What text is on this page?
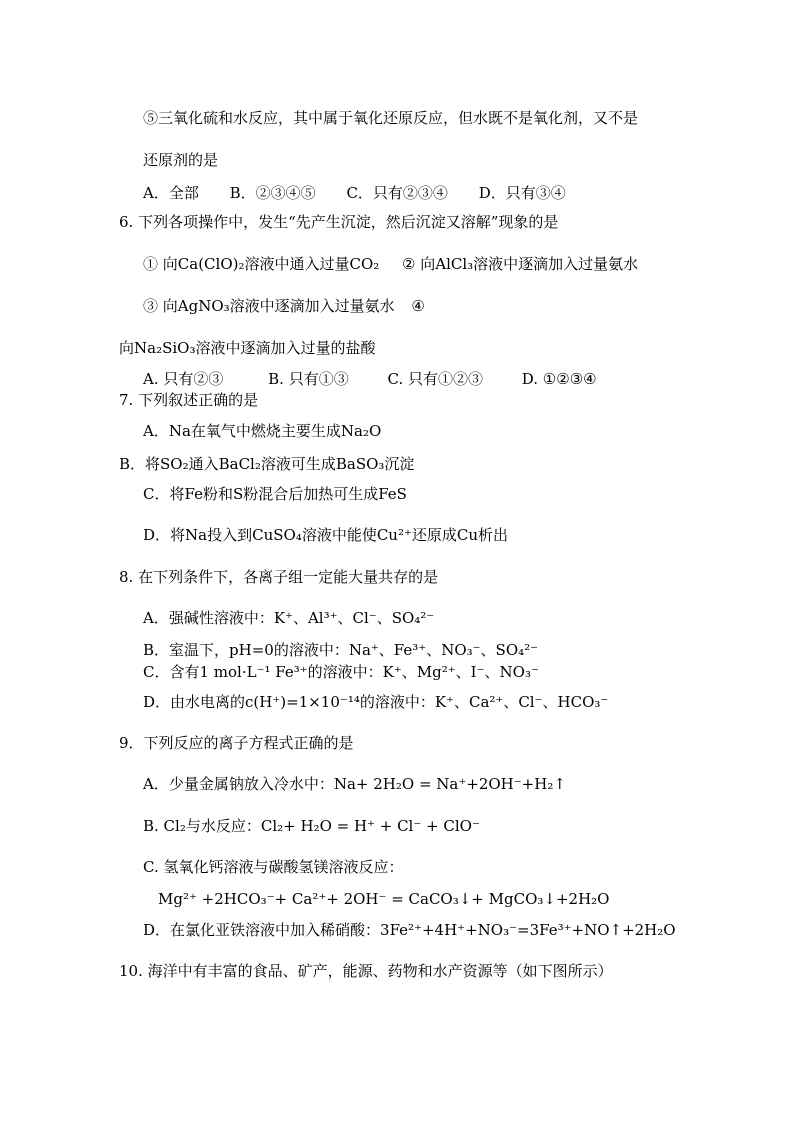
⑤三氧化硫和水反应，其中属于氧化还原反应，但水既不是氧化剂，又不是
还原剂的是
A．全部 B．②③④⑤ C．只有②③④ D．只有③④
6. 下列各项操作中，发生“先产生沉淀，然后沉淀又溶解”现象的是
① 向Ca(ClO)₂溶液中通入过量CO₂ ② 向AlCl₃溶液中逐滴加入过量氨水
③ 向AgNO₃溶液中逐滴加入过量氨水 ④
向Na₂SiO₃溶液中逐滴加入过量的盐酸
A. 只有②③	B. 只有①③	C. 只有①②③	D. ①②③④
7. 下列叙述正确的是
A．Na在氧气中燃烧主要生成Na₂O
B．将SO₂通入BaCl₂溶液可生成BaSO₃沉淀
C．将Fe粉和S粉混合后加热可生成FeS
D．将Na投入到CuSO₄溶液中能使Cu²⁺还原成Cu析出
8. 在下列条件下，各离子组一定能大量共存的是
A．强碱性溶液中：K⁺、Al³⁺、Cl⁻、SO₄²⁻
B．室温下，pH=0的溶液中：Na⁺、Fe³⁺、NO₃⁻、SO₄²⁻
C．含有1 mol·L⁻¹ Fe³⁺的溶液中：K⁺、Mg²⁺、I⁻、NO₃⁻
D．由水电离的c(H⁺)=1×10⁻¹⁴的溶液中：K⁺、Ca²⁺、Cl⁻、HCO₃⁻
9．下列反应的离子方程式正确的是
A．少量金属钠放入冷水中：Na+ 2H₂O = Na⁺+2OH⁻+H₂↑
B. Cl₂与水反应：Cl₂+ H₂O = H⁺ + Cl⁻ + ClO⁻
C. 氢氧化钙溶液与碳酸氢镁溶液反应：
Mg²⁺ +2HCO₃⁻+ Ca²⁺+ 2OH⁻ = CaCO₃↓+ MgCO₃↓+2H₂O
D．在氯化亚铁溶液中加入稀硝酸：3Fe²⁺+4H⁺+NO₃⁻=3Fe³⁺+NO↑+2H₂O
10. 海洋中有丰富的食品、矿产，能源、药物和水产资源等（如下图所示）
